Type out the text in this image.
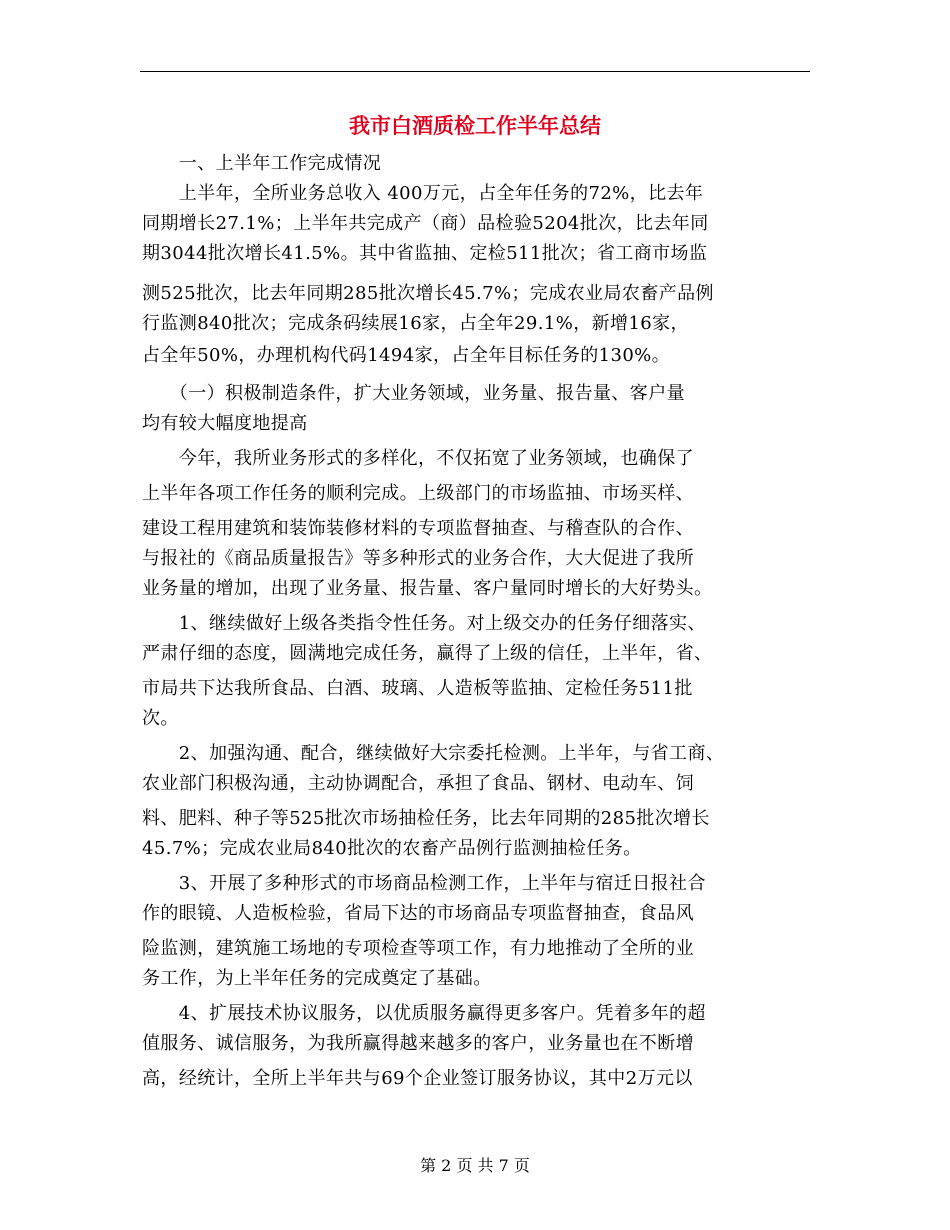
我市白酒质检工作半年总结
　　一、上半年工作完成情况
　　上半年，全所业务总收入 400万元，占全年任务的72%，比去年
同期增长27.1%；上半年共完成产（商）品检验5204批次，比去年同
期3044批次增长41.5%。其中省监抽、定检511批次；省工商市场监
测525批次，比去年同期285批次增长45.7%；完成农业局农畜产品例
行监测840批次；完成条码续展16家，占全年29.1%，新增16家，
占全年50%，办理机构代码1494家，占全年目标任务的130%。
　　（一）积极制造条件，扩大业务领域，业务量、报告量、客户量
均有较大幅度地提高
　　今年，我所业务形式的多样化，不仅拓宽了业务领域，也确保了
上半年各项工作任务的顺利完成。上级部门的市场监抽、市场买样、
建设工程用建筑和装饰装修材料的专项监督抽查、与稽查队的合作、
与报社的《商品质量报告》等多种形式的业务合作，大大促进了我所
业务量的增加，出现了业务量、报告量、客户量同时增长的大好势头。
　　1、继续做好上级各类指令性任务。对上级交办的任务仔细落实、
严肃仔细的态度，圆满地完成任务，赢得了上级的信任，上半年，省、
市局共下达我所食品、白酒、玻璃、人造板等监抽、定检任务511批
次。
　　2、加强沟通、配合，继续做好大宗委托检测。上半年，与省工商、
农业部门积极沟通，主动协调配合，承担了食品、钢材、电动车、饲
料、肥料、种子等525批次市场抽检任务，比去年同期的285批次增长
45.7%；完成农业局840批次的农畜产品例行监测抽检任务。
　　3、开展了多种形式的市场商品检测工作，上半年与宿迁日报社合
作的眼镜、人造板检验，省局下达的市场商品专项监督抽查，食品风
险监测，建筑施工场地的专项检查等项工作，有力地推动了全所的业
务工作，为上半年任务的完成奠定了基础。
　　4、扩展技术协议服务，以优质服务赢得更多客户。凭着多年的超
值服务、诚信服务，为我所赢得越来越多的客户，业务量也在不断增
高，经统计，全所上半年共与69个企业签订服务协议，其中2万元以
第 2 页 共 7 页
